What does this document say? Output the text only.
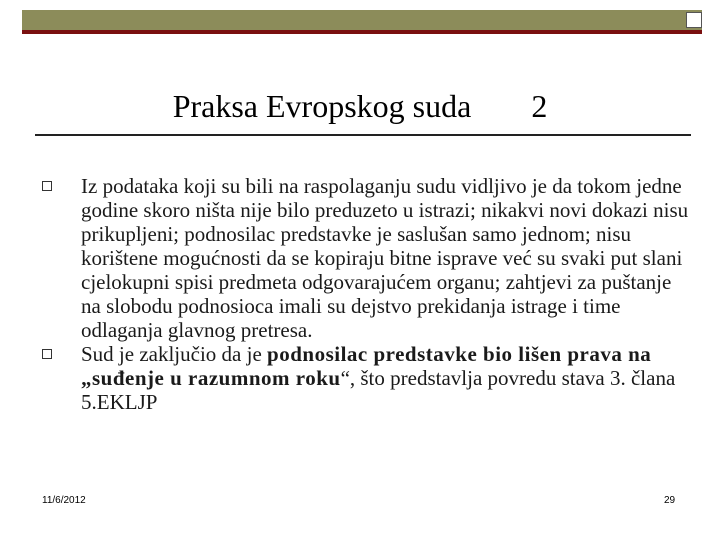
Praksa Evropskog suda 2
Iz podataka koji su bili na raspolaganju sudu vidljivo je da tokom jedne godine skoro ništa nije bilo preduzeto u istrazi; nikakvi novi dokazi nisu prikupljeni; podnosilac predstavke je saslušan samo jednom; nisu korištene mogućnosti da se kopiraju bitne isprave već su svaki put slani cjelokupni spisi predmeta odgovarajućem organu; zahtjevi za puštanje na slobodu podnosioca imali su dejstvo prekidanja istrage i time odlaganja glavnog pretresa.
Sud je zaključio da je podnosilac predstavke bio lišen prava na „suđenje u razumnom roku“, što predstavlja povredu stava 3. člana 5.EKLJP
11/6/2012	29
